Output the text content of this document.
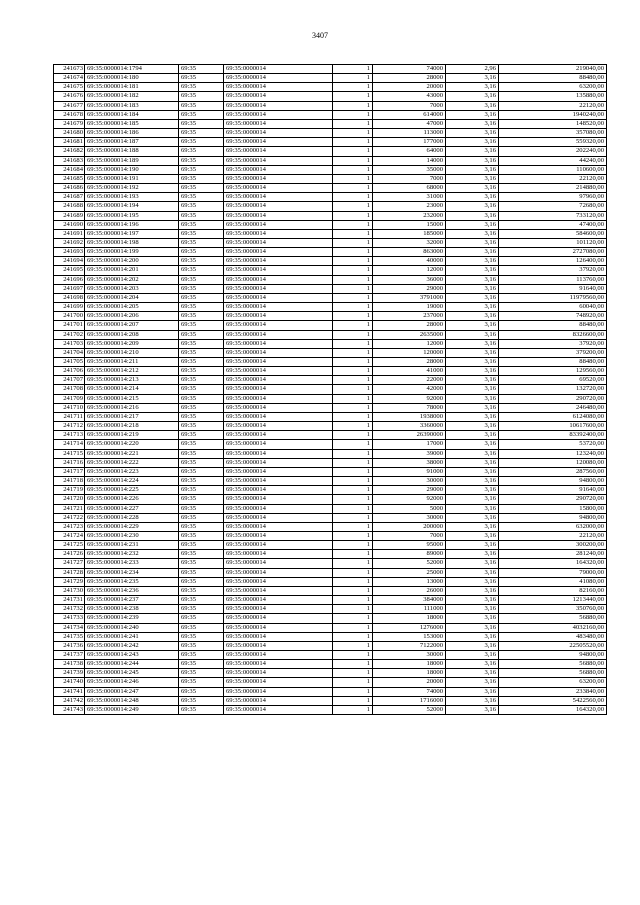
3407
241673	69:35:0000014:1794	69:35	69:35:0000014	1	74000	2,96	219040,00
241674	69:35:0000014:180	69:35	69:35:0000014	1	28000	3,16	88480,00
241675	69:35:0000014:181	69:35	69:35:0000014	1	20000	3,16	63200,00
241676	69:35:0000014:182	69:35	69:35:0000014	1	43000	3,16	135880,00
241677	69:35:0000014:183	69:35	69:35:0000014	1	7000	3,16	22120,00
241678	69:35:0000014:184	69:35	69:35:0000014	1	614000	3,16	1940240,00
241679	69:35:0000014:185	69:35	69:35:0000014	1	47000	3,16	148520,00
241680	69:35:0000014:186	69:35	69:35:0000014	1	113000	3,16	357080,00
241681	69:35:0000014:187	69:35	69:35:0000014	1	177000	3,16	559320,00
241682	69:35:0000014:188	69:35	69:35:0000014	1	64000	3,16	202240,00
241683	69:35:0000014:189	69:35	69:35:0000014	1	14000	3,16	44240,00
241684	69:35:0000014:190	69:35	69:35:0000014	1	35000	3,16	110600,00
241685	69:35:0000014:191	69:35	69:35:0000014	1	7000	3,16	22120,00
241686	69:35:0000014:192	69:35	69:35:0000014	1	68000	3,16	214880,00
241687	69:35:0000014:193	69:35	69:35:0000014	1	31000	3,16	97960,00
241688	69:35:0000014:194	69:35	69:35:0000014	1	23000	3,16	72680,00
241689	69:35:0000014:195	69:35	69:35:0000014	1	232000	3,16	733120,00
241690	69:35:0000014:196	69:35	69:35:0000014	1	15000	3,16	47400,00
241691	69:35:0000014:197	69:35	69:35:0000014	1	185000	3,16	584600,00
241692	69:35:0000014:198	69:35	69:35:0000014	1	32000	3,16	101120,00
241693	69:35:0000014:199	69:35	69:35:0000014	1	863000	3,16	2727080,00
241694	69:35:0000014:200	69:35	69:35:0000014	1	40000	3,16	126400,00
241695	69:35:0000014:201	69:35	69:35:0000014	1	12000	3,16	37920,00
241696	69:35:0000014:202	69:35	69:35:0000014	1	36000	3,16	113760,00
241697	69:35:0000014:203	69:35	69:35:0000014	1	29000	3,16	91640,00
241698	69:35:0000014:204	69:35	69:35:0000014	1	3791000	3,16	11979560,00
241699	69:35:0000014:205	69:35	69:35:0000014	1	19000	3,16	60040,00
241700	69:35:0000014:206	69:35	69:35:0000014	1	237000	3,16	748920,00
241701	69:35:0000014:207	69:35	69:35:0000014	1	28000	3,16	88480,00
241702	69:35:0000014:208	69:35	69:35:0000014	1	2635000	3,16	8326600,00
241703	69:35:0000014:209	69:35	69:35:0000014	1	12000	3,16	37920,00
241704	69:35:0000014:210	69:35	69:35:0000014	1	120000	3,16	379200,00
241705	69:35:0000014:211	69:35	69:35:0000014	1	28000	3,16	88480,00
241706	69:35:0000014:212	69:35	69:35:0000014	1	41000	3,16	129560,00
241707	69:35:0000014:213	69:35	69:35:0000014	1	22000	3,16	69520,00
241708	69:35:0000014:214	69:35	69:35:0000014	1	42000	3,16	132720,00
241709	69:35:0000014:215	69:35	69:35:0000014	1	92000	3,16	290720,00
241710	69:35:0000014:216	69:35	69:35:0000014	1	78000	3,16	246480,00
241711	69:35:0000014:217	69:35	69:35:0000014	1	1938000	3,16	6124080,00
241712	69:35:0000014:218	69:35	69:35:0000014	1	3360000	3,16	10617600,00
241713	69:35:0000014:219	69:35	69:35:0000014	1	26390000	3,16	83392400,00
241714	69:35:0000014:220	69:35	69:35:0000014	1	17000	3,16	53720,00
241715	69:35:0000014:221	69:35	69:35:0000014	1	39000	3,16	123240,00
241716	69:35:0000014:222	69:35	69:35:0000014	1	38000	3,16	120080,00
241717	69:35:0000014:223	69:35	69:35:0000014	1	91000	3,16	287560,00
241718	69:35:0000014:224	69:35	69:35:0000014	1	30000	3,16	94800,00
241719	69:35:0000014:225	69:35	69:35:0000014	1	29000	3,16	91640,00
241720	69:35:0000014:226	69:35	69:35:0000014	1	92000	3,16	290720,00
241721	69:35:0000014:227	69:35	69:35:0000014	1	5000	3,16	15800,00
241722	69:35:0000014:228	69:35	69:35:0000014	1	30000	3,16	94800,00
241723	69:35:0000014:229	69:35	69:35:0000014	1	200000	3,16	632000,00
241724	69:35:0000014:230	69:35	69:35:0000014	1	7000	3,16	22120,00
241725	69:35:0000014:231	69:35	69:35:0000014	1	95000	3,16	300200,00
241726	69:35:0000014:232	69:35	69:35:0000014	1	89000	3,16	281240,00
241727	69:35:0000014:233	69:35	69:35:0000014	1	52000	3,16	164320,00
241728	69:35:0000014:234	69:35	69:35:0000014	1	25000	3,16	79000,00
241729	69:35:0000014:235	69:35	69:35:0000014	1	13000	3,16	41080,00
241730	69:35:0000014:236	69:35	69:35:0000014	1	26000	3,16	82160,00
241731	69:35:0000014:237	69:35	69:35:0000014	1	384000	3,16	1213440,00
241732	69:35:0000014:238	69:35	69:35:0000014	1	111000	3,16	350760,00
241733	69:35:0000014:239	69:35	69:35:0000014	1	18000	3,16	56880,00
241734	69:35:0000014:240	69:35	69:35:0000014	1	1276000	3,16	4032160,00
241735	69:35:0000014:241	69:35	69:35:0000014	1	153000	3,16	483480,00
241736	69:35:0000014:242	69:35	69:35:0000014	1	7122000	3,16	22505520,00
241737	69:35:0000014:243	69:35	69:35:0000014	1	30000	3,16	94800,00
241738	69:35:0000014:244	69:35	69:35:0000014	1	18000	3,16	56880,00
241739	69:35:0000014:245	69:35	69:35:0000014	1	18000	3,16	56880,00
241740	69:35:0000014:246	69:35	69:35:0000014	1	20000	3,16	63200,00
241741	69:35:0000014:247	69:35	69:35:0000014	1	74000	3,16	233840,00
241742	69:35:0000014:248	69:35	69:35:0000014	1	1716000	3,16	5422560,00
241743	69:35:0000014:249	69:35	69:35:0000014	1	52000	3,16	164320,00
